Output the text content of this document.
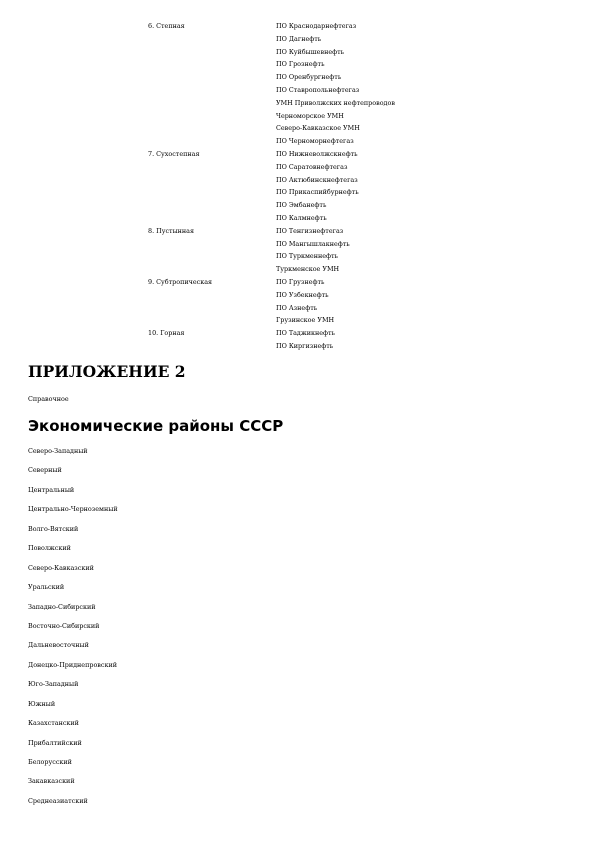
6. Степная	ПО Краснодарнефтегаз
ПО Дагнефть
ПО Куйбышевнефть
ПО Грознефть
ПО Оренбургнефть
ПО Ставропольнефтегаз
УМН Приволжских нефтепроводов
Черноморское УМН
Северо-Кавказское УМН
ПО Черноморнефтегаз
7. Сухостепная	ПО Нижневолжскнефть
ПО Саратовнефтегаз
ПО Актюбинскнефтегаз
ПО Прикаспийбурнефть
ПО Эмбанефть
ПО Калмнефть
8. Пустынная	ПО Тенгизнефтегаз
ПО Мангышлакнефть
ПО Туркменнефть
Туркменское УМН
9. Субтропическая	ПО Грузнефть
ПО Узбекнефть
ПО Азнефть
Грузинское УМН
10. Горная	ПО Таджикнефть
ПО Киргизнефть
ПРИЛОЖЕНИЕ 2
Справочное
Экономические районы СССР
Северо-Западный
Северный
Центральный
Центрально-Черноземный
Волго-Вятский
Поволжский
Северо-Кавказский
Уральский
Западно-Сибирский
Восточно-Сибирский
Дальневосточный
Донецко-Приднепровский
Юго-Западный
Южный
Казахстанский
Прибалтийский
Белорусский
Закавказский
Среднеазиатский
